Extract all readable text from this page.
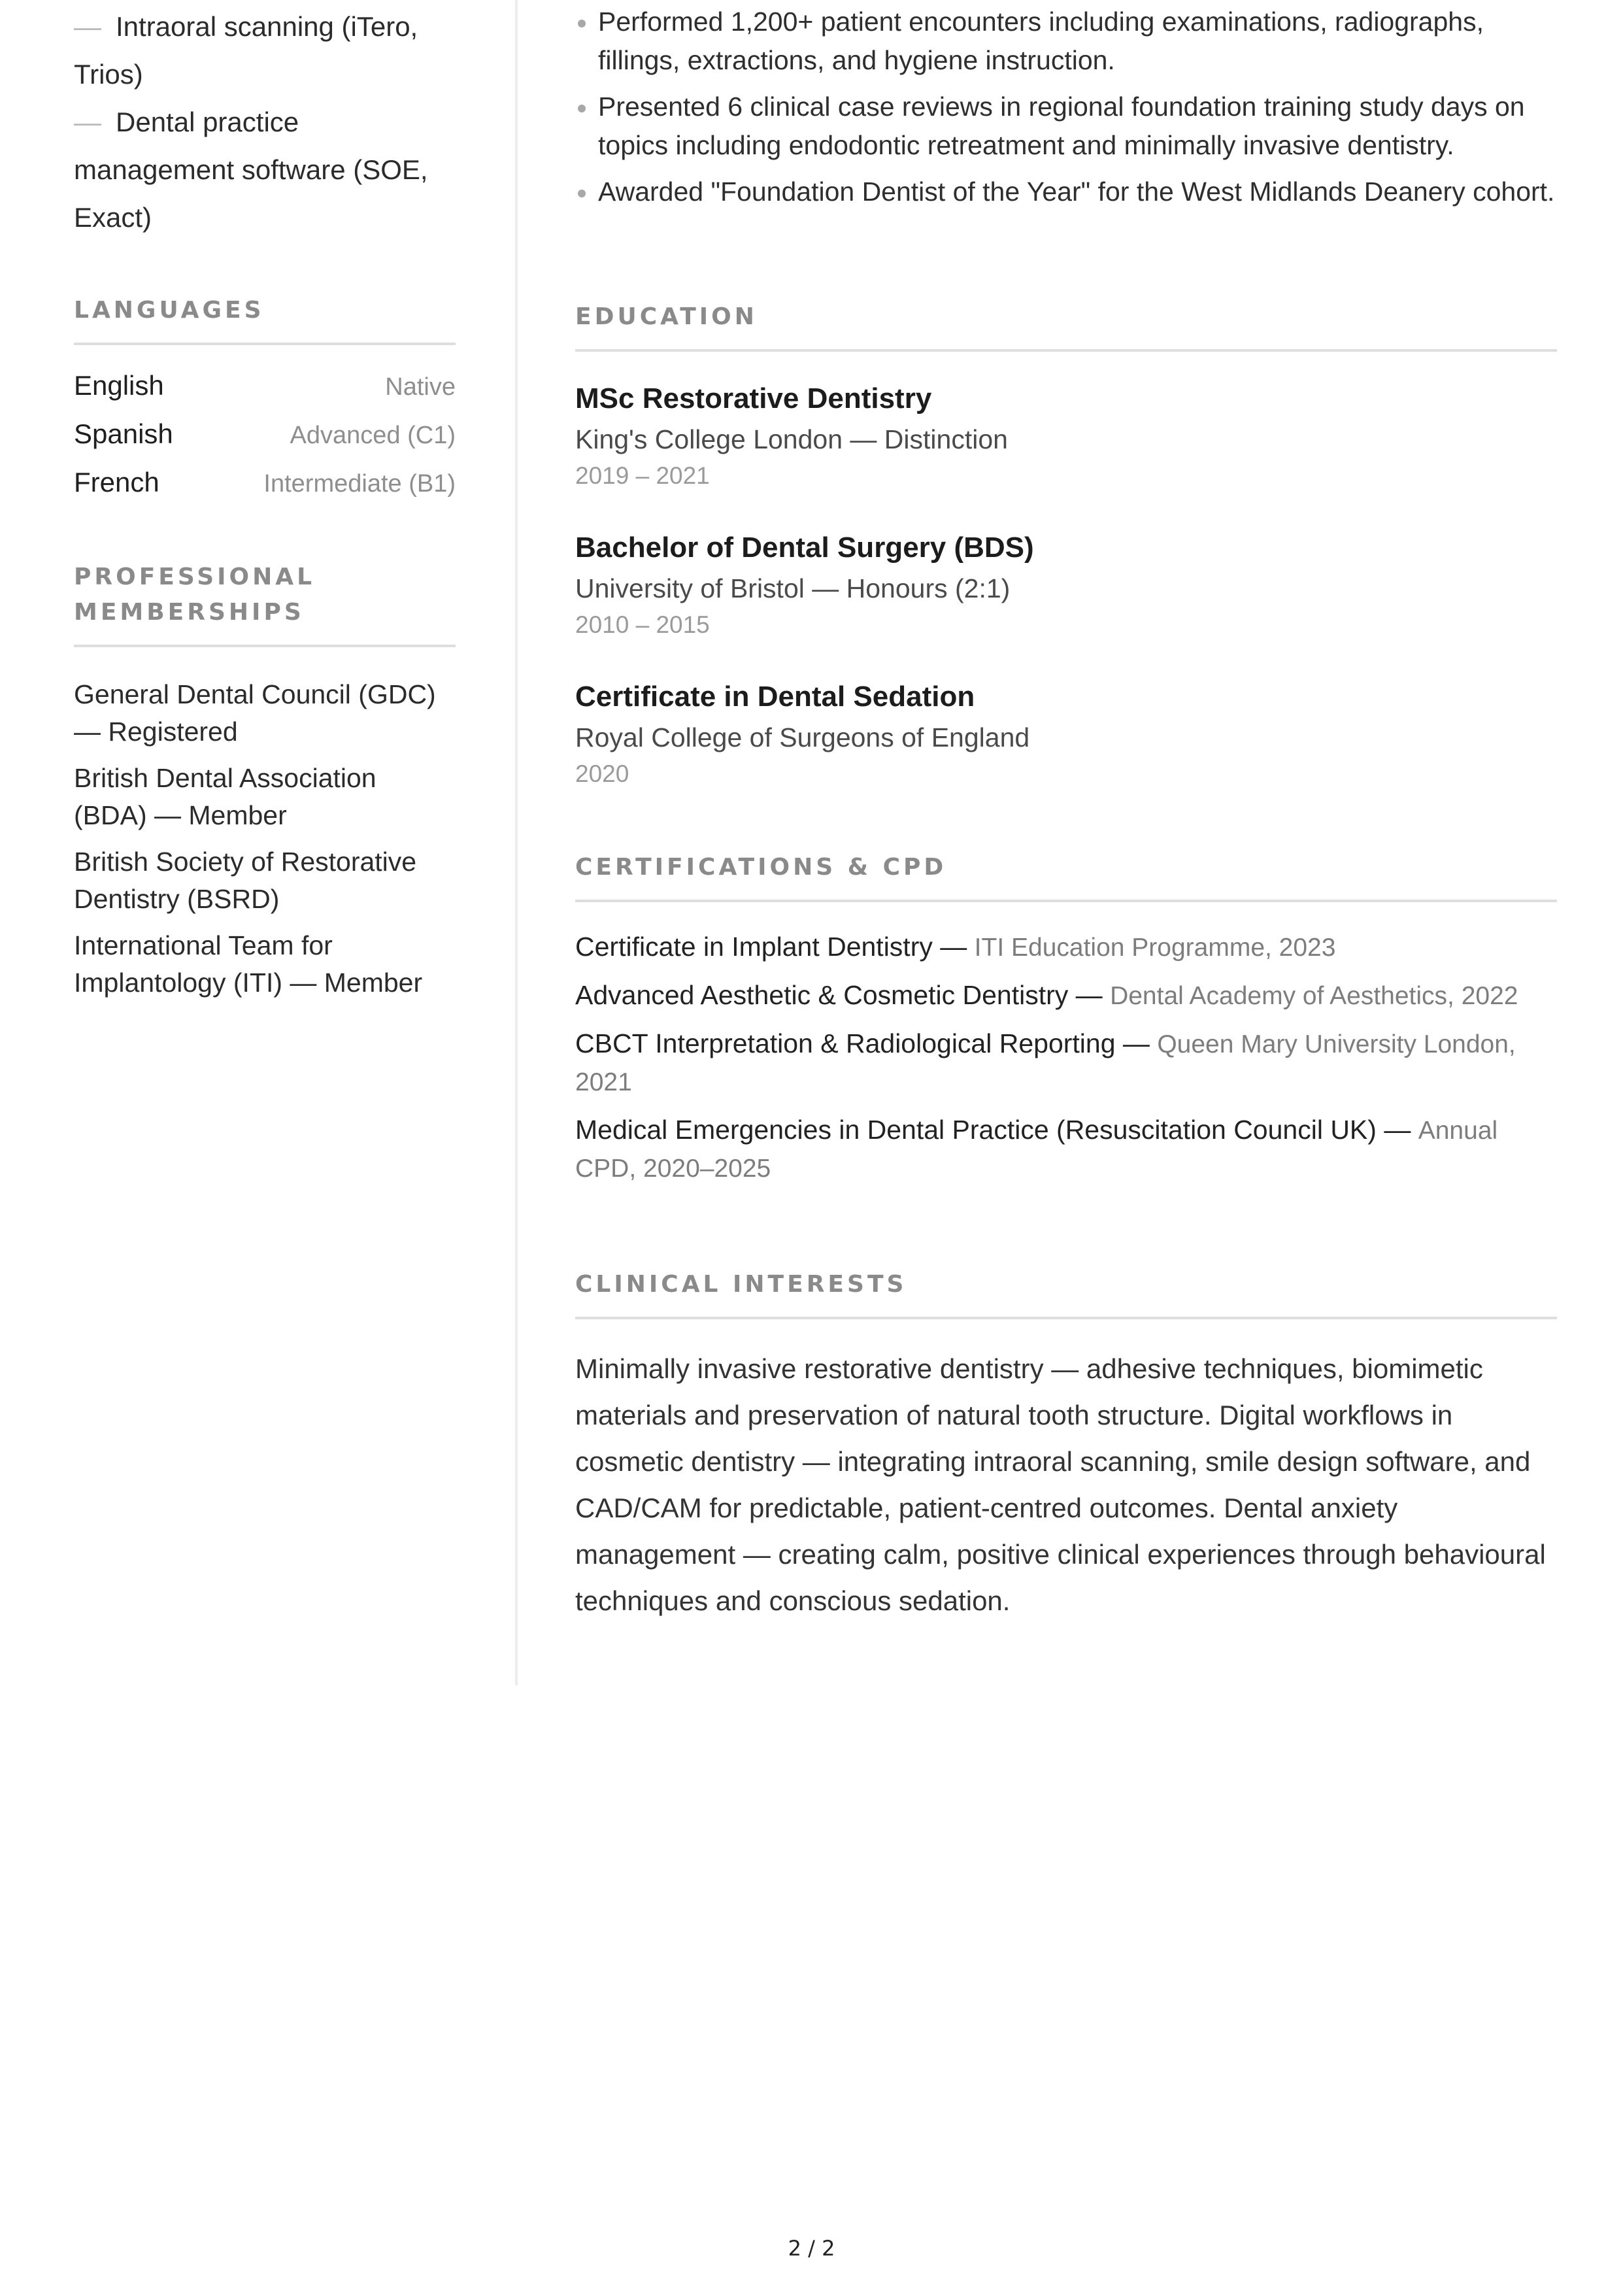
— Intraoral scanning (iTero, Trios)
— Dental practice management software (SOE, Exact)
LANGUAGES
English	Native
Spanish	Advanced (C1)
French	Intermediate (B1)
PROFESSIONAL MEMBERSHIPS
General Dental Council (GDC) — Registered
British Dental Association (BDA) — Member
British Society of Restorative Dentistry (BSRD)
International Team for Implantology (ITI) — Member
Performed 1,200+ patient encounters including examinations, radiographs, fillings, extractions, and hygiene instruction.
Presented 6 clinical case reviews in regional foundation training study days on topics including endodontic retreatment and minimally invasive dentistry.
Awarded "Foundation Dentist of the Year" for the West Midlands Deanery cohort.
EDUCATION
MSc Restorative Dentistry
King's College London — Distinction
2019 – 2021
Bachelor of Dental Surgery (BDS)
University of Bristol — Honours (2:1)
2010 – 2015
Certificate in Dental Sedation
Royal College of Surgeons of England
2020
CERTIFICATIONS & CPD
Certificate in Implant Dentistry — ITI Education Programme, 2023
Advanced Aesthetic & Cosmetic Dentistry — Dental Academy of Aesthetics, 2022
CBCT Interpretation & Radiological Reporting — Queen Mary University London, 2021
Medical Emergencies in Dental Practice (Resuscitation Council UK) — Annual CPD, 2020–2025
CLINICAL INTERESTS
Minimally invasive restorative dentistry — adhesive techniques, biomimetic materials and preservation of natural tooth structure. Digital workflows in cosmetic dentistry — integrating intraoral scanning, smile design software, and CAD/CAM for predictable, patient-centred outcomes. Dental anxiety management — creating calm, positive clinical experiences through behavioural techniques and conscious sedation.
2 / 2
